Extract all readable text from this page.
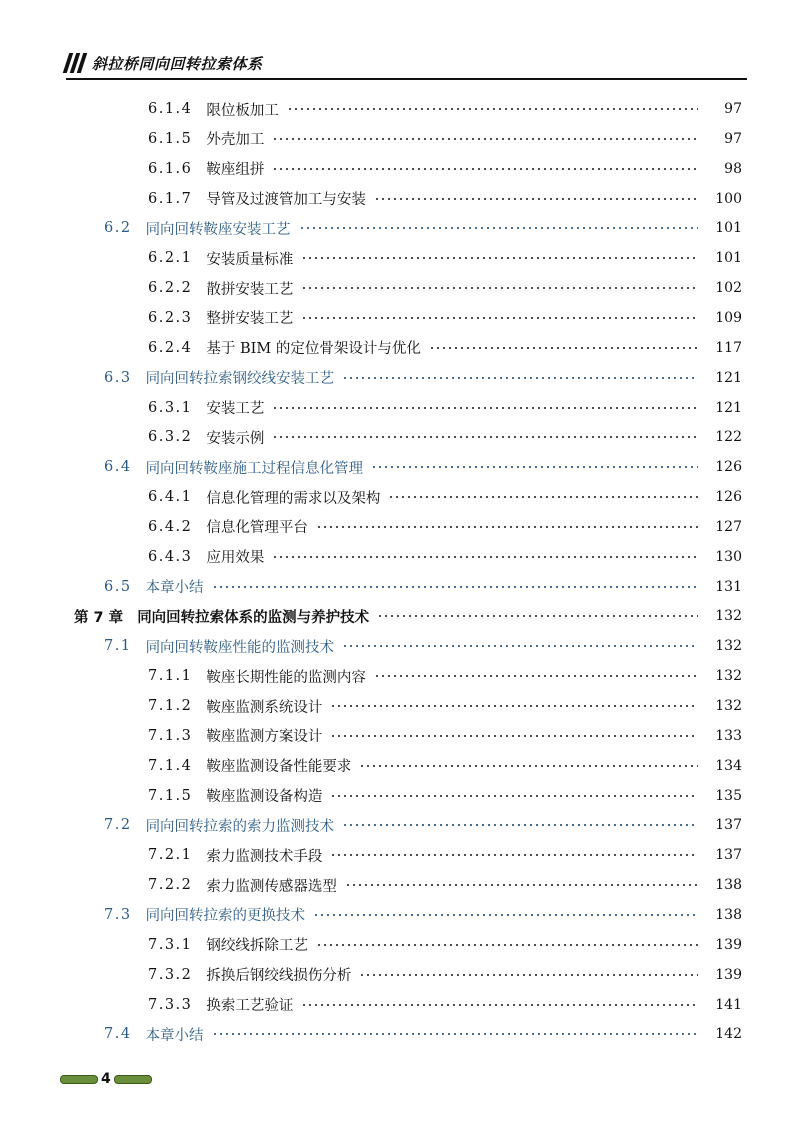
斜拉桥同向回转拉索体系
6.1.4 限位板加工	97
6.1.5 外壳加工	97
6.1.6 鞍座组拼	98
6.1.7 导管及过渡管加工与安装	100
6.2 同向回转鞍座安装工艺	101
6.2.1 安装质量标准	101
6.2.2 散拼安装工艺	102
6.2.3 整拼安装工艺	109
6.2.4 基于 BIM 的定位骨架设计与优化	117
6.3 同向回转拉索钢绞线安装工艺	121
6.3.1 安装工艺	121
6.3.2 安装示例	122
6.4 同向回转鞍座施工过程信息化管理	126
6.4.1 信息化管理的需求以及架构	126
6.4.2 信息化管理平台	127
6.4.3 应用效果	130
6.5 本章小结	131
第 7 章 同向回转拉索体系的监测与养护技术	132
7.1 同向回转鞍座性能的监测技术	132
7.1.1 鞍座长期性能的监测内容	132
7.1.2 鞍座监测系统设计	132
7.1.3 鞍座监测方案设计	133
7.1.4 鞍座监测设备性能要求	134
7.1.5 鞍座监测设备构造	135
7.2 同向回转拉索的索力监测技术	137
7.2.1 索力监测技术手段	137
7.2.2 索力监测传感器选型	138
7.3 同向回转拉索的更换技术	138
7.3.1 钢绞线拆除工艺	139
7.3.2 拆换后钢绞线损伤分析	139
7.3.3 换索工艺验证	141
7.4 本章小结	142
4
